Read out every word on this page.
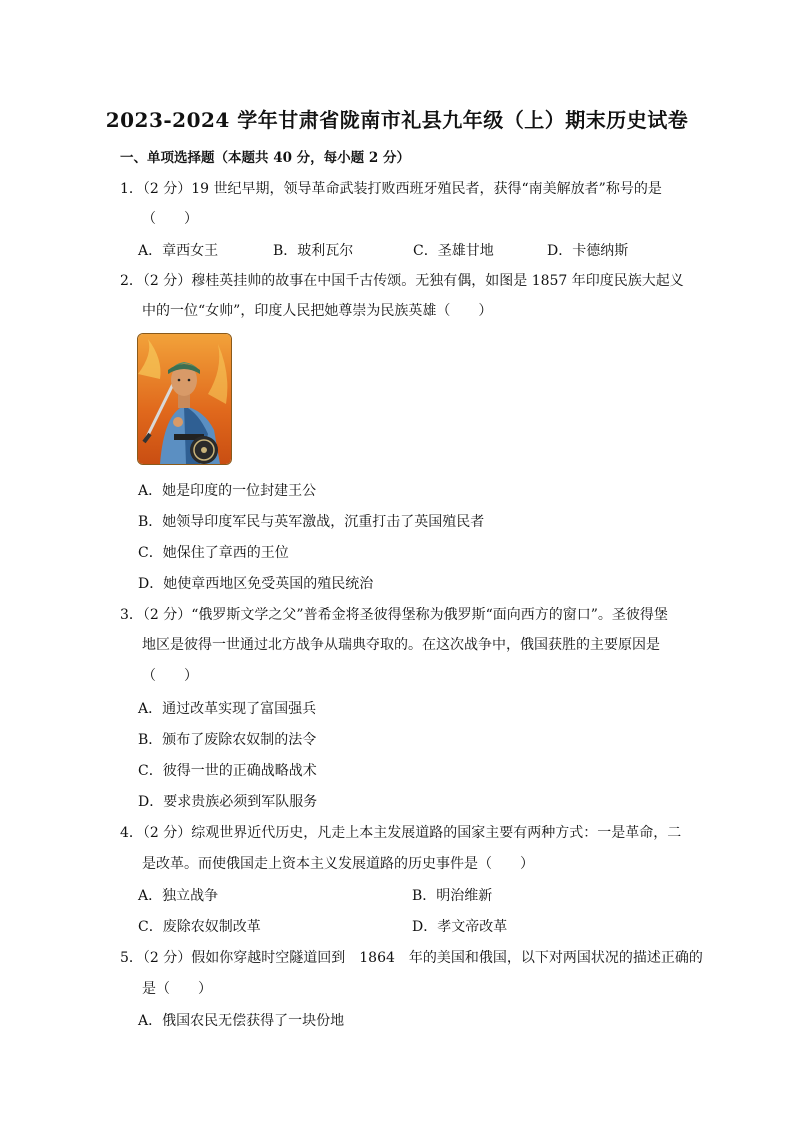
2023-2024 学年甘肃省陇南市礼县九年级（上）期末历史试卷
一、单项选择题（本题共 40 分，每小题 2 分）
1．（2 分）19 世纪早期，领导革命武装打败西班牙殖民者，获得“南美解放者”称号的是
（　　）
A．章西女王	B．玻利瓦尔	C．圣雄甘地	D．卡德纳斯
2．（2 分）穆桂英挂帅的故事在中国千古传颂。无独有偶，如图是 1857 年印度民族大起义
中的一位“女帅”，印度人民把她尊崇为民族英雄（　　）
A．她是印度的一位封建王公
B．她领导印度军民与英军激战，沉重打击了英国殖民者
C．她保住了章西的王位
D．她使章西地区免受英国的殖民统治
3．（2 分）“俄罗斯文学之父”普希金将圣彼得堡称为俄罗斯“面向西方的窗口”。圣彼得堡
地区是彼得一世通过北方战争从瑞典夺取的。在这次战争中，俄国获胜的主要原因是
（　　）
A．通过改革实现了富国强兵
B．颁布了废除农奴制的法令
C．彼得一世的正确战略战术
D．要求贵族必须到军队服务
4．（2 分）综观世界近代历史，凡走上本主发展道路的国家主要有两种方式：一是革命，二
是改革。而使俄国走上资本主义发展道路的历史事件是（　　）
A．独立战争	B．明治维新
C．废除农奴制改革	D．孝文帝改革
5．（2 分）假如你穿越时空隧道回到　1864　年的美国和俄国，以下对两国状况的描述正确的
是（　　）
A．俄国农民无偿获得了一块份地
